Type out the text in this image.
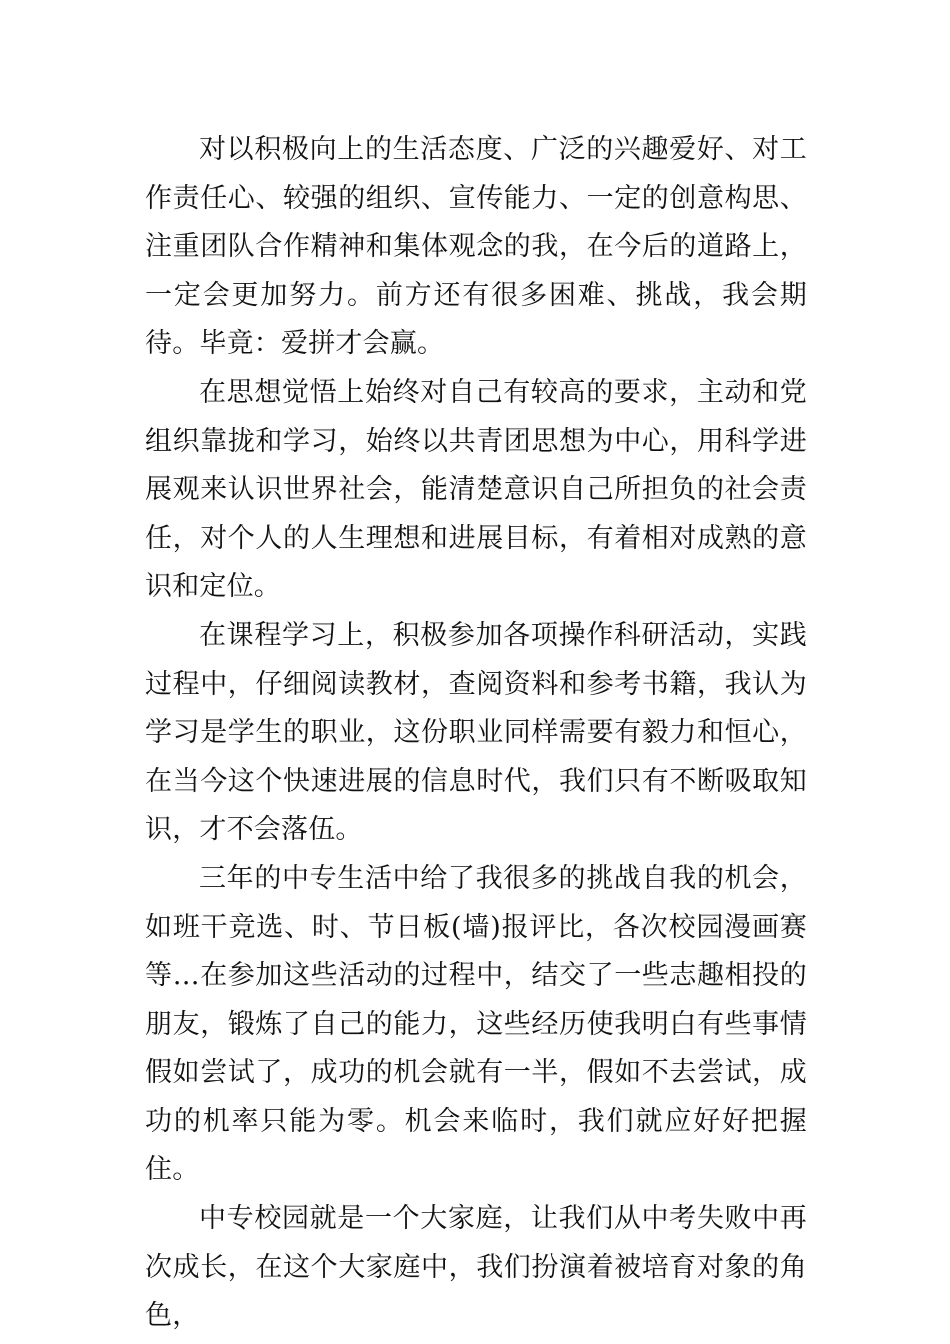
对以积极向上的生活态度、广泛的兴趣爱好、对工作责任心、较强的组织、宣传能力、一定的创意构思、注重团队合作精神和集体观念的我，在今后的道路上，一定会更加努力。前方还有很多困难、挑战，我会期待。毕竟：爱拼才会赢。

在思想觉悟上始终对自己有较高的要求，主动和党组织靠拢和学习，始终以共青团思想为中心，用科学进展观来认识世界社会，能清楚意识自己所担负的社会责任，对个人的人生理想和进展目标，有着相对成熟的意识和定位。

在课程学习上，积极参加各项操作科研活动，实践过程中，仔细阅读教材，查阅资料和参考书籍，我认为学习是学生的职业，这份职业同样需要有毅力和恒心，在当今这个快速进展的信息时代，我们只有不断吸取知识，才不会落伍。

三年的中专生活中给了我很多的挑战自我的机会，如班干竞选、时、节日板(墙)报评比，各次校园漫画赛等…在参加这些活动的过程中，结交了一些志趣相投的朋友，锻炼了自己的能力，这些经历使我明白有些事情假如尝试了，成功的机会就有一半，假如不去尝试，成功的机率只能为零。机会来临时，我们就应好好把握住。

中专校园就是一个大家庭，让我们从中考失败中再次成长，在这个大家庭中，我们扮演着被培育对象的角色，
